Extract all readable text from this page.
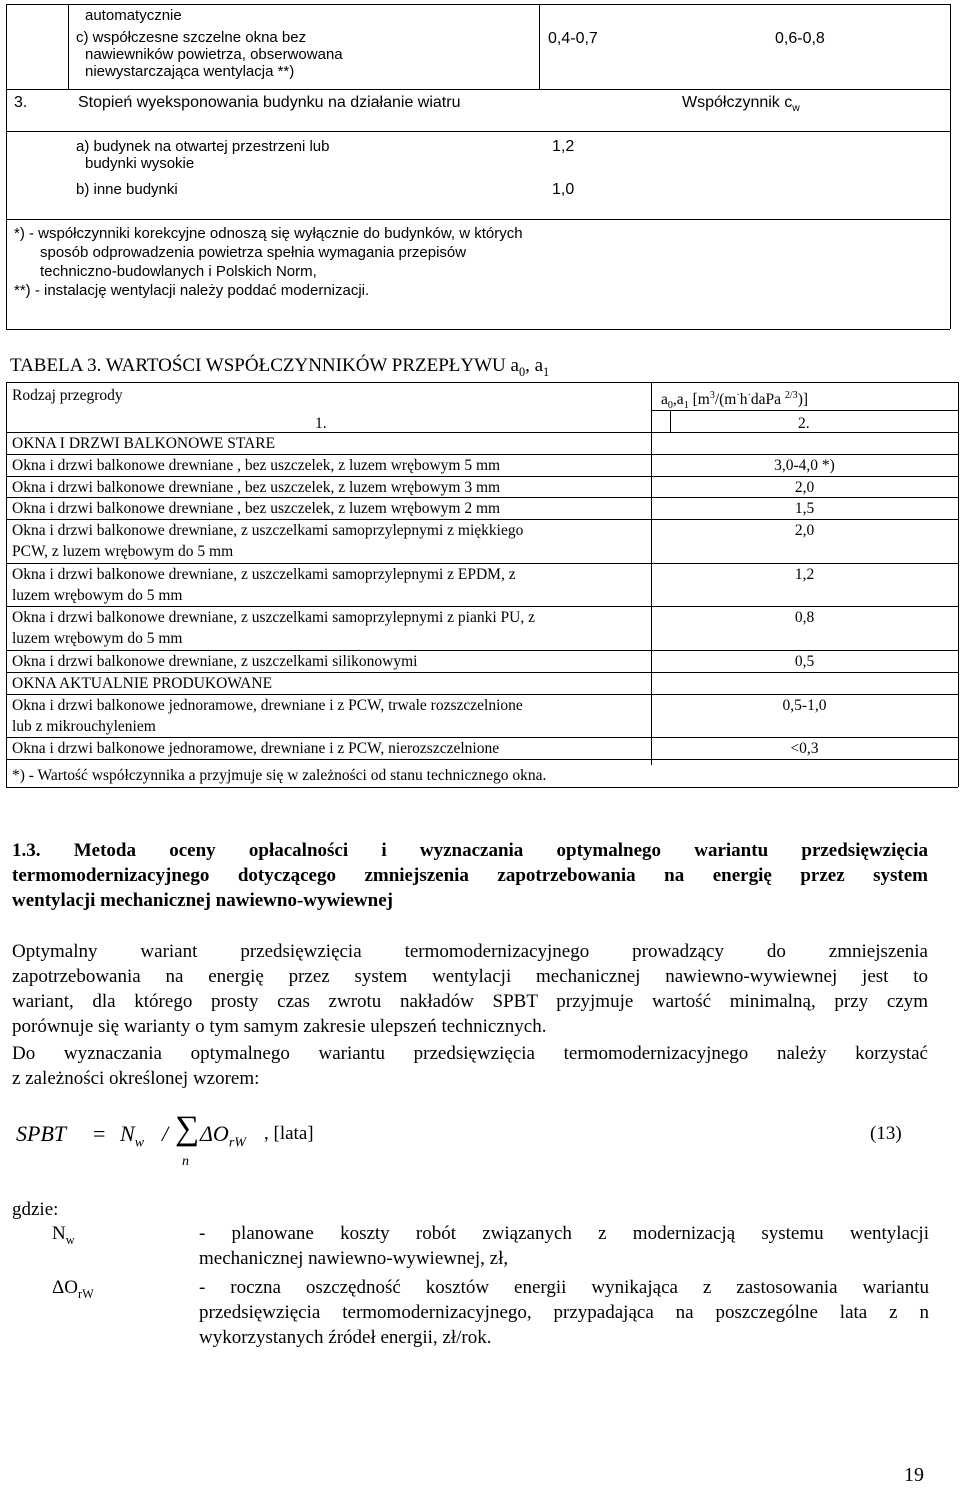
automatycznie
c) współczesne szczelne okna bez
nawiewników powietrza, obserwowana
niewystarczająca wentylacja **)
0,4-0,7	0,6-0,8
3.	Stopień wyeksponowania budynku na działanie wiatru	Współczynnik $c_w$
a) budynek na otwartej przestrzeni lub
budynki wysokie
1,2
b) inne budynki	1,0
*) - współczynniki korekcyjne odnoszą się wyłącznie do budynków, w których
sposób odprowadzenia powietrza spełnia wymagania przepisów
techniczno-budowlanych i Polskich Norm,
**) - instalację wentylacji należy poddać modernizacji.
TABELA 3. WARTOŚCI WSPÓŁCZYNNIKÓW PRZEPŁYWU $a_0$, $a_1$
Rodzaj przegrody	$a_0,a_1$ [$m^3/(m^\cdot h^\cdot daPa$ $^{2/3}$)]
1.	2.
OKNA I DRZWI BALKONOWE STARE
Okna i drzwi balkonowe drewniane , bez uszczelek, z luzem wrębowym 5 mm	3,0-4,0 *)
Okna i drzwi balkonowe drewniane , bez uszczelek, z luzem wrębowym 3 mm	2,0
Okna i drzwi balkonowe drewniane , bez uszczelek, z luzem wrębowym 2 mm	1,5
Okna i drzwi balkonowe drewniane, z uszczelkami samoprzylepnymi z miękkiego
PCW, z luzem wrębowym do 5 mm
2,0
Okna i drzwi balkonowe drewniane, z uszczelkami samoprzylepnymi z EPDM, z
luzem wrębowym do 5 mm
1,2
Okna i drzwi balkonowe drewniane, z uszczelkami samoprzylepnymi z pianki PU, z
luzem wrębowym do 5 mm
0,8
Okna i drzwi balkonowe drewniane, z uszczelkami silikonowymi	0,5
OKNA AKTUALNIE PRODUKOWANE
Okna i drzwi balkonowe jednoramowe, drewniane i z PCW, trwale rozszczelnione
lub z mikrouchyleniem
0,5-1,0
Okna i drzwi balkonowe jednoramowe, drewniane i z PCW, nierozszczelnione	<0,3
*) - Wartość współczynnika a przyjmuje się w zależności od stanu technicznego okna.
1.3. Metoda oceny opłacalności i wyznaczania optymalnego wariantu przedsięwzięcia
termomodernizacyjnego dotyczącego zmniejszenia zapotrzebowania na energię przez system
wentylacji mechanicznej nawiewno-wywiewnej
Optymalny wariant przedsięwzięcia termomodernizacyjnego prowadzący do zmniejszenia
zapotrzebowania na energię przez system wentylacji mechanicznej nawiewno-wywiewnej jest to
wariant, dla którego prosty czas zwrotu nakładów SPBT przyjmuje wartość minimalną, przy czym
porównuje się warianty o tym samym zakresie ulepszeń technicznych.
Do wyznaczania optymalnego wariantu przedsięwzięcia termomodernizacyjnego należy korzystać
z zależności określonej wzorem:
SPBT = $N_w$ / ∑
n
$\Delta O_{rW}$ , [lata]	(13)
gdzie:
$N_w$	- planowane koszty robót związanych z modernizacją systemu wentylacji
mechanicznej nawiewno-wywiewnej, zł,
$\Delta O_{rW}$	- roczna oszczędność kosztów energii wynikająca z zastosowania wariantu
przedsięwzięcia termomodernizacyjnego, przypadająca na poszczególne lata z n
wykorzystanych źródeł energii, zł/rok.
19
